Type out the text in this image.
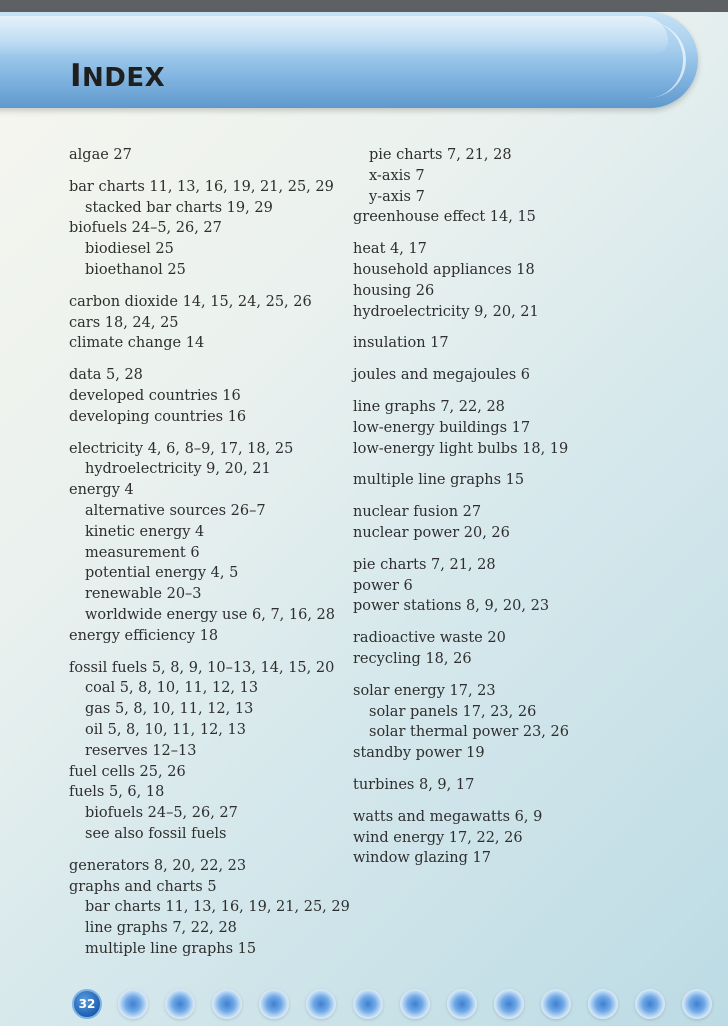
INDEX
algae 27
bar charts 11, 13, 16, 19, 21, 25, 29
stacked bar charts 19, 29
biofuels 24–5, 26, 27
biodiesel 25
bioethanol 25
carbon dioxide 14, 15, 24, 25, 26
cars 18, 24, 25
climate change 14
data 5, 28
developed countries 16
developing countries 16
electricity 4, 6, 8–9, 17, 18, 25
hydroelectricity 9, 20, 21
energy 4
alternative sources 26–7
kinetic energy 4
measurement 6
potential energy 4, 5
renewable 20–3
worldwide energy use 6, 7, 16, 28
energy efficiency 18
fossil fuels 5, 8, 9, 10–13, 14, 15, 20
coal 5, 8, 10, 11, 12, 13
gas 5, 8, 10, 11, 12, 13
oil 5, 8, 10, 11, 12, 13
reserves 12–13
fuel cells 25, 26
fuels 5, 6, 18
biofuels 24–5, 26, 27
see also fossil fuels
generators 8, 20, 22, 23
graphs and charts 5
bar charts 11, 13, 16, 19, 21, 25, 29
line graphs 7, 22, 28
multiple line graphs 15
pie charts 7, 21, 28
x-axis 7
y-axis 7
greenhouse effect 14, 15
heat 4, 17
household appliances 18
housing 26
hydroelectricity 9, 20, 21
insulation 17
joules and megajoules 6
line graphs 7, 22, 28
low-energy buildings 17
low-energy light bulbs 18, 19
multiple line graphs 15
nuclear fusion 27
nuclear power 20, 26
pie charts 7, 21, 28
power 6
power stations 8, 9, 20, 23
radioactive waste 20
recycling 18, 26
solar energy 17, 23
solar panels 17, 23, 26
solar thermal power 23, 26
standby power 19
turbines 8, 9, 17
watts and megawatts 6, 9
wind energy 17, 22, 26
window glazing 17
32
